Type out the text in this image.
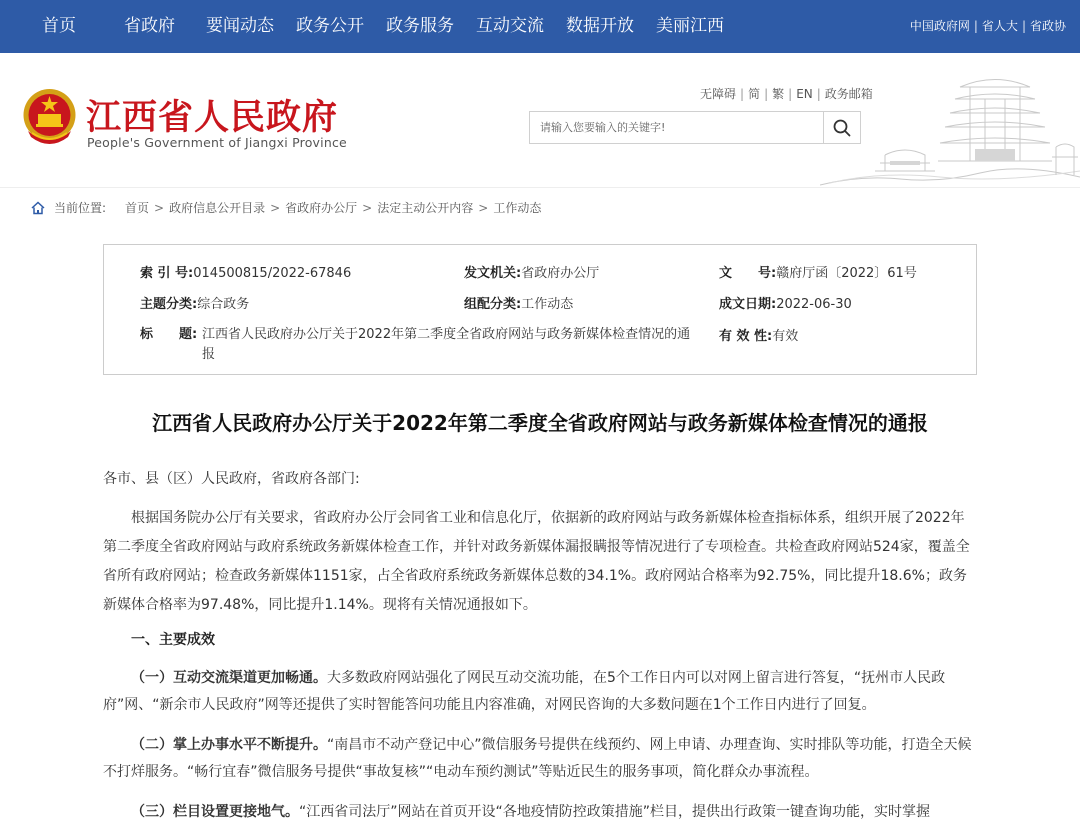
首页	省政府 要闻动态 政务公开 政务服务 互动交流 数据开放 美丽江西	中国政府网 | 省人大 | 省政协
江西省人民政府
People's Government of Jiangxi Province
无障碍 | 简 | 繁 | EN | 政务邮箱
请输入您要输入的关键字!
当前位置: 首页 > 政府信息公开目录 > 省政府办公厅 > 法定主动公开内容 > 工作动态
索 引 号:014500815/2022-67846	发文机关:省政府办公厅	文　　号:赣府厅函〔2022〕61号
主题分类:综合政务	组配分类:工作动态	成文日期:2022-06-30
标　　题: 江西省人民政府办公厅关于2022年第二季度全省政府网站与政务新媒体检查情况的通报
有 效 性:有效
江西省人民政府办公厅关于2022年第二季度全省政府网站与政务新媒体检查情况的通报

各市、县（区）人民政府，省政府各部门:

根据国务院办公厅有关要求，省政府办公厅会同省工业和信息化厅，依据新的政府网站与政务新媒体检查指标体系，组织开展了2022年第二季度全省政府网站与政府系统政务新媒体检查工作，并针对政务新媒体漏报瞒报等情况进行了专项检查。共检查政府网站524家，覆盖全省所有政府网站；检查政务新媒体1151家，占全省政府系统政务新媒体总数的34.1%。政府网站合格率为92.75%，同比提升18.6%；政务新媒体合格率为97.48%，同比提升1.14%。现将有关情况通报如下。

一、主要成效

（一）互动交流渠道更加畅通。大多数政府网站强化了网民互动交流功能，在5个工作日内可以对网上留言进行答复，“抚州市人民政府”网、“新余市人民政府”网等还提供了实时智能答问功能且内容准确，对网民咨询的大多数问题在1个工作日内进行了回复。

（二）掌上办事水平不断提升。“南昌市不动产登记中心”微信服务号提供在线预约、网上申请、办理查询、实时排队等功能，打造全天候不打烊服务。“畅行宜春”微信服务号提供“事故复核”“电动车预约测试”等贴近民生的服务事项，简化群众办事流程。

（三）栏目设置更接地气。“江西省司法厅”网站在首页开设“各地疫情防控政策措施”栏目，提供出行政策一键查询功能，实时掌握
